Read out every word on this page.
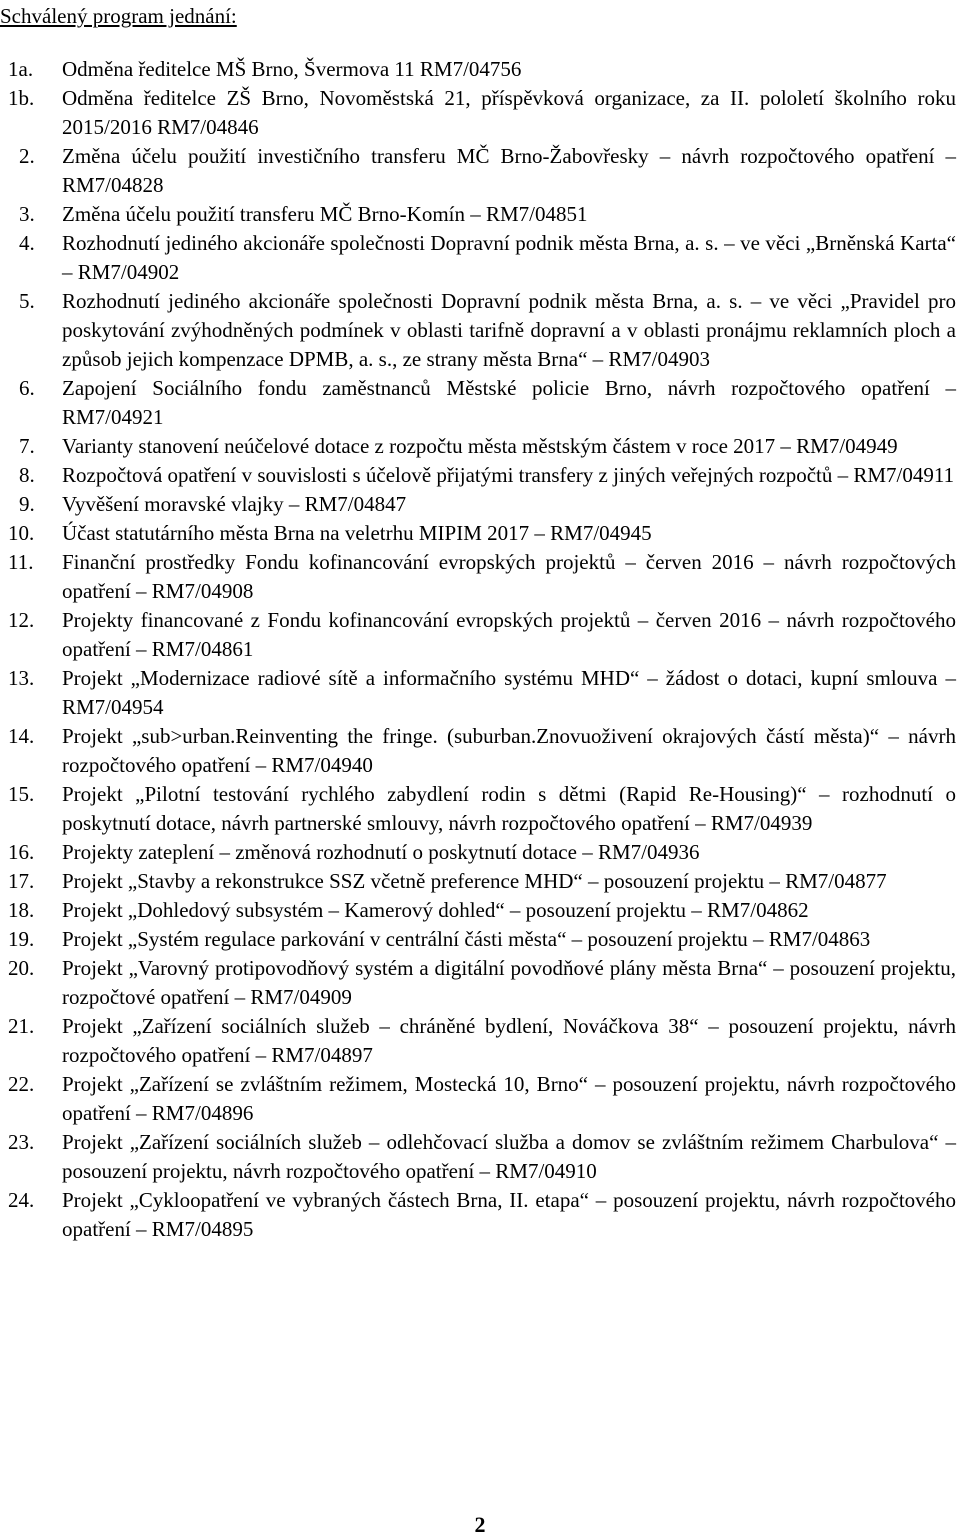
Schválený program jednání:
1a.	Odměna ředitelce MŠ Brno, Švermova 11 RM7/04756
1b.	Odměna ředitelce ZŠ Brno, Novoměstská 21, příspěvková organizace, za II. pololetí školního roku 2015/2016 RM7/04846
2.	Změna účelu použití investičního transferu MČ Brno-Žabovřesky – návrh rozpočtového opatření – RM7/04828
3.	Změna účelu použití transferu MČ Brno-Komín – RM7/04851
4.	Rozhodnutí jediného akcionáře společnosti Dopravní podnik města Brna, a. s. – ve věci „Brněnská Karta“ – RM7/04902
5.	Rozhodnutí jediného akcionáře společnosti Dopravní podnik města Brna, a. s. – ve věci „Pravidel pro poskytování zvýhodněných podmínek v oblasti tarifně dopravní a v oblasti pronájmu reklamních ploch a způsob jejich kompenzace DPMB, a. s., ze strany města Brna“ – RM7/04903
6.	Zapojení Sociálního fondu zaměstnanců Městské policie Brno, návrh rozpočtového opatření – RM7/04921
7.	Varianty stanovení neúčelové dotace z rozpočtu města městským částem v roce 2017 – RM7/04949
8.	Rozpočtová opatření v souvislosti s účelově přijatými transfery z jiných veřejných rozpočtů – RM7/04911
9.	Vyvěšení moravské vlajky – RM7/04847
10.	Účast statutárního města Brna na veletrhu MIPIM 2017 – RM7/04945
11.	Finanční prostředky Fondu kofinancování evropských projektů – červen 2016 – návrh rozpočtových opatření – RM7/04908
12.	Projekty financované z Fondu kofinancování evropských projektů – červen 2016 – návrh rozpočtového opatření – RM7/04861
13.	Projekt „Modernizace radiové sítě a informačního systému MHD“ – žádost o dotaci, kupní smlouva – RM7/04954
14.	Projekt „sub>urban.Reinventing the fringe. (suburban.Znovuoživení okrajových částí města)“ – návrh rozpočtového opatření – RM7/04940
15.	Projekt „Pilotní testování rychlého zabydlení rodin s dětmi (Rapid Re-Housing)“ – rozhodnutí o poskytnutí dotace, návrh partnerské smlouvy, návrh rozpočtového opatření – RM7/04939
16.	Projekty zateplení – změnová rozhodnutí o poskytnutí dotace – RM7/04936
17.	Projekt „Stavby a rekonstrukce SSZ včetně preference MHD“ – posouzení projektu – RM7/04877
18.	Projekt „Dohledový subsystém – Kamerový dohled“ – posouzení projektu – RM7/04862
19.	Projekt „Systém regulace parkování v centrální části města“ – posouzení projektu – RM7/04863
20.	Projekt „Varovný protipovodňový systém a digitální povodňové plány města Brna“ – posouzení projektu, rozpočtové opatření – RM7/04909
21.	Projekt „Zařízení sociálních služeb – chráněné bydlení, Nováčkova 38“ – posouzení projektu, návrh rozpočtového opatření – RM7/04897
22.	Projekt „Zařízení se zvláštním režimem, Mostecká 10, Brno“ – posouzení projektu, návrh rozpočtového opatření – RM7/04896
23.	Projekt „Zařízení sociálních služeb – odlehčovací služba a domov se zvláštním režimem Charbulova“ – posouzení projektu, návrh rozpočtového opatření – RM7/04910
24.	Projekt „Cykloopatření ve vybraných částech Brna, II. etapa“ – posouzení projektu, návrh rozpočtového opatření – RM7/04895
2
